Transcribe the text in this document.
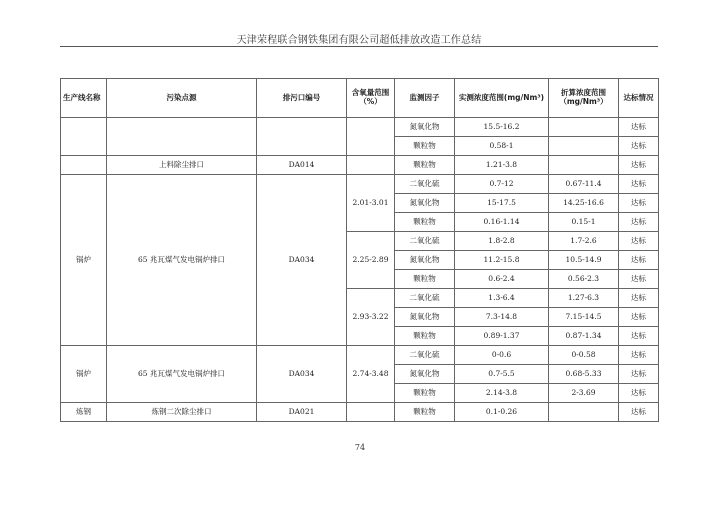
天津荣程联合钢铁集团有限公司超低排放改造工作总结
生产线名称	污染点源	排污口编号	含氧量范围（%）	监测因子	实测浓度范围(mg/Nm³)	折算浓度范围（mg/Nm³）	达标情况
				氮氧化物	15.5-16.2		达标
				颗粒物	0.58-1		达标
	上料除尘排口	DA014		颗粒物	1.21-3.8		达标
锅炉	65 兆瓦煤气发电锅炉排口	DA034	2.01-3.01	二氧化硫	0.7-12	0.67-11.4	达标
				氮氧化物	15-17.5	14.25-16.6	达标
				颗粒物	0.16-1.14	0.15-1	达标
			2.25-2.89	二氧化硫	1.8-2.8	1.7-2.6	达标
				氮氧化物	11.2-15.8	10.5-14.9	达标
				颗粒物	0.6-2.4	0.56-2.3	达标
			2.93-3.22	二氧化硫	1.3-6.4	1.27-6.3	达标
				氮氧化物	7.3-14.8	7.15-14.5	达标
				颗粒物	0.89-1.37	0.87-1.34	达标
锅炉	65 兆瓦煤气发电锅炉排口	DA034	2.74-3.48	二氧化硫	0-0.6	0-0.58	达标
				氮氧化物	0.7-5.5	0.68-5.33	达标
				颗粒物	2.14-3.8	2-3.69	达标
炼钢	炼钢二次除尘排口	DA021		颗粒物	0.1-0.26		达标
74
